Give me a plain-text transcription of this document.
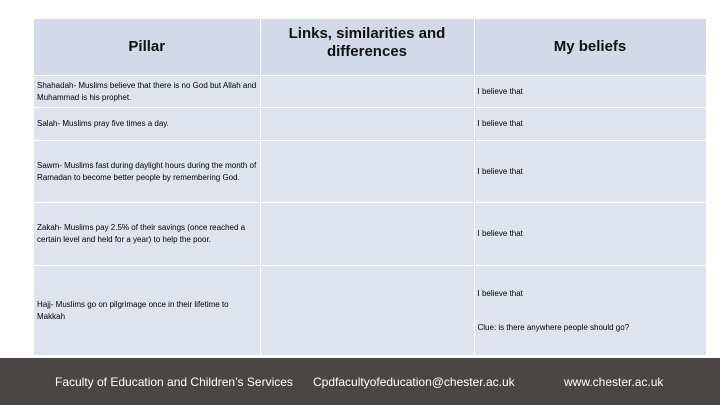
Pillar	Links, similarities and differences	My beliefs
Shahadah- Muslims believe that there is no God but Allah and Muhammad is his prophet.		I believe that
Salah- Muslims pray five times a day.		I believe that
Sawm- Muslims fast during daylight hours during the month of Ramadan to become better people by remembering God.		I believe that
Zakah- Muslims pay 2.5% of their savings (once reached a certain level and held for a year) to help the poor.		I believe that
Hajj- Muslims go on pilgrimage once in their lifetime to Makkah		I believe that
Clue: is there anywhere people should go?
Faculty of Education and Children’s Services Cpdfacultyofeducation@chester.ac.uk	www.chester.ac.uk
